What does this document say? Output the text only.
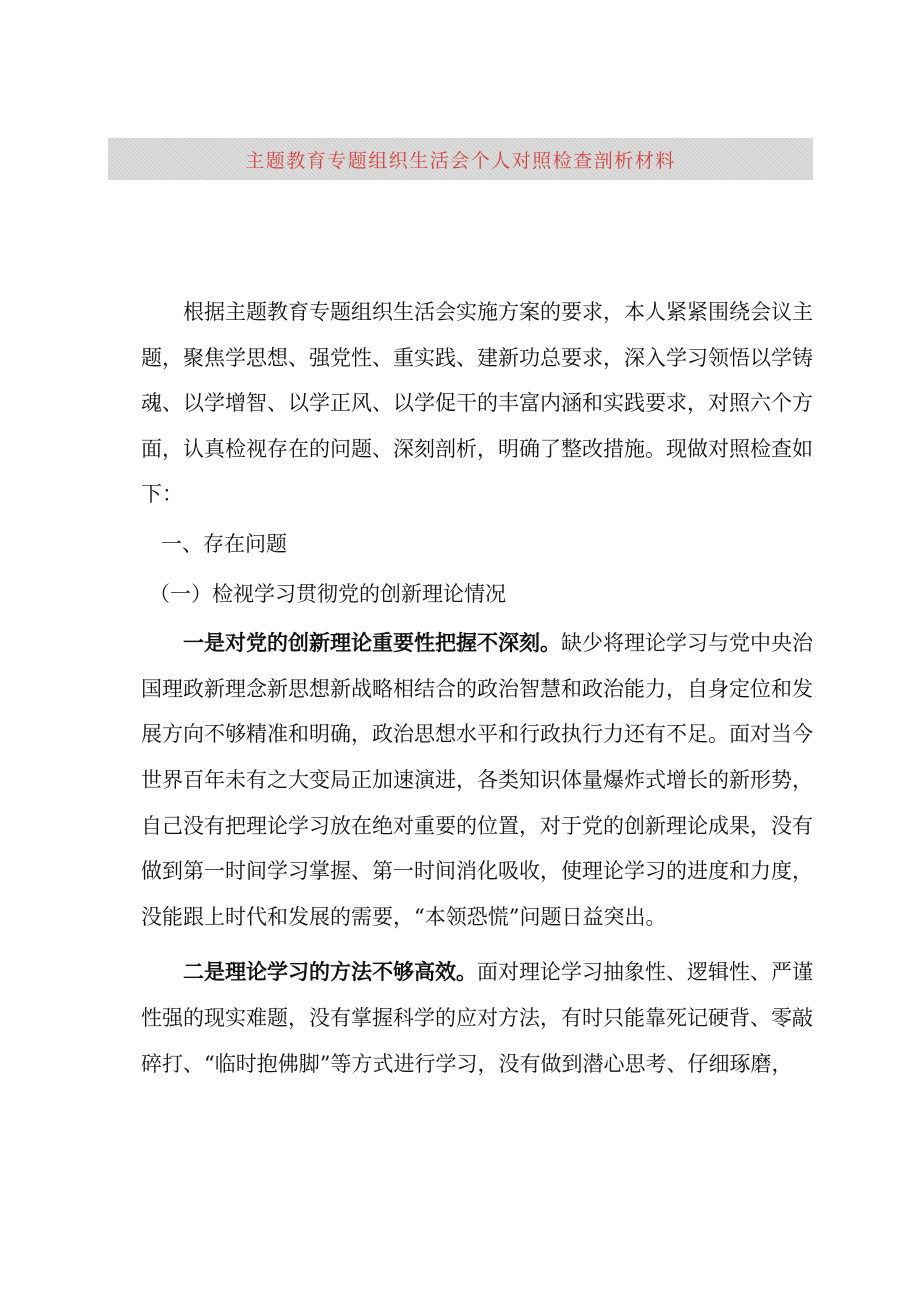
主题教育专题组织生活会个人对照检查剖析材料

根据主题教育专题组织生活会实施方案的要求，本人紧紧围绕会议主题，聚焦学思想、强党性、重实践、建新功总要求，深入学习领悟以学铸魂、以学增智、以学正风、以学促干的丰富内涵和实践要求，对照六个方面，认真检视存在的问题、深刻剖析，明确了整改措施。现做对照检查如下：

一、存在问题

（一）检视学习贯彻党的创新理论情况

一是对党的创新理论重要性把握不深刻。缺少将理论学习与党中央治国理政新理念新思想新战略相结合的政治智慧和政治能力，自身定位和发展方向不够精准和明确，政治思想水平和行政执行力还有不足。面对当今世界百年未有之大变局正加速演进，各类知识体量爆炸式增长的新形势，自己没有把理论学习放在绝对重要的位置，对于党的创新理论成果，没有做到第一时间学习掌握、第一时间消化吸收，使理论学习的进度和力度，没能跟上时代和发展的需要，“本领恐慌”问题日益突出。

二是理论学习的方法不够高效。面对理论学习抽象性、逻辑性、严谨性强的现实难题，没有掌握科学的应对方法，有时只能靠死记硬背、零敲碎打、“临时抱佛脚”等方式进行学习，没有做到潜心思考、仔细琢磨，
